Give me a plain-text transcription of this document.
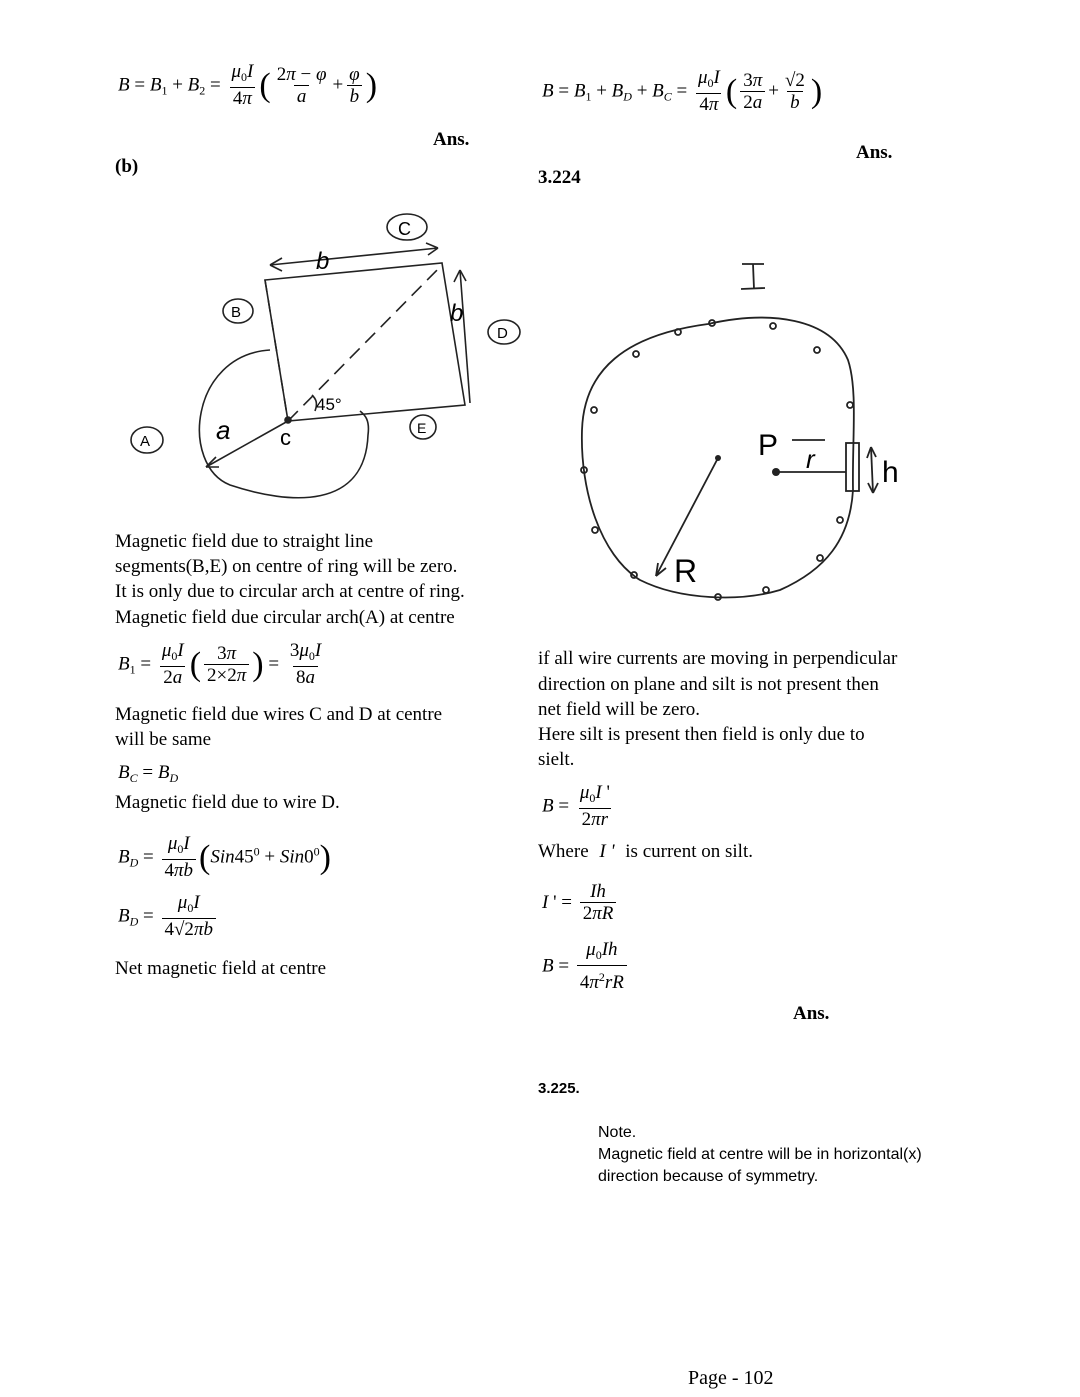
$B = B_1 + B_2 = \frac{\mu_0I}{4\pi}$ ( $\frac{2\pi - \varphi}{a} + \frac{\varphi}{b}$ )
Ans.
(b)
C
B
D
A
E
a c
b
b
45°
Magnetic field due to straight line
segments(B,E) on centre of ring will be zero.
It is only due to circular arch at centre of ring.
Magnetic field due circular arch(A) at centre
$B_1 = \frac{\mu_0I}{2a}$ ( $\frac{3\pi}{2\times 2\pi}$ ) = $\frac{3\mu_0I}{8a}$
Magnetic field due wires C and D at centre
will be same
$B_C = B_D$
Magnetic field due to wire D.
$B_D = \frac{\mu_0I}{4\pi b} (Sin45^0 + Sin0^0)$
$B_D = \frac{\mu_0I}{4√2\pi b}$
Net magnetic field at centre
$B = B_1 + B_D + B_C = \frac{\mu_0I}{4\pi}$ ( $\frac{3\pi}{2a} + \frac{√2}{b}$ )
Ans.
3.224
P r h
R
if all wire currents are moving in perpendicular
direction on plane and silt is not present then
net field will be zero.
Here silt is present then field is only due to
sielt.
$B = \frac{\mu_0I '}{2\pi r}$
Where I ' is current on silt.
I ' = $\frac{Ih}{2\pi R}$
$B = \frac{\mu_0Ih}{4\pi^2rR}$
Ans.
3.225.
Note.
Magnetic field at centre will be in horizontal(x)
direction because of symmetry.
Page - 102
